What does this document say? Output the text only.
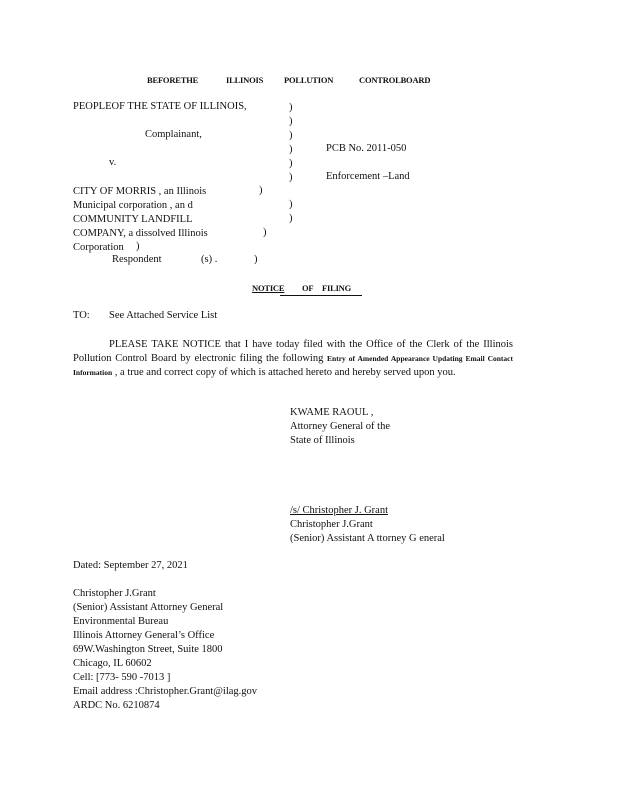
BEFORETHE	ILLINOIS POLLUTION	CONTROLBOARD
PEOPLEOF THE STATE OF ILLINOIS,
Complainant,
v.
CITY OF MORRIS , an Illinois
Municipal corporation , an d
COMMUNITY LANDFILL
COMPANY, a dissolved Illinois
Corporation
Respondent	(s) .
)
)
)
)
)
)
)
)
)
)
)
)
PCB No. 2011-050
Enforcement –Land
NOTICE OF FILING
TO: See Attached Service List
PLEASE TAKE NOTICE that I have today filed with the Office of the Clerk of the Illinois Pollution Control Board by electronic filing the following Entry of Amended Appearance Updating Email Contact Information , a true and correct copy of which is attached hereto and hereby served upon you.
KWAME RAOUL ,
Attorney General of the
State of Illinois
/s/ Christopher J. Grant
Christopher J.Grant
(Senior) Assistant A ttorney G eneral
Dated: September 27, 2021
Christopher J.Grant
(Senior) Assistant Attorney General
Environmental Bureau
Illinois Attorney General’s Office
69W.Washington Street, Suite 1800
Chicago, IL 60602
Cell: [773- 590 -7013 ]
Email address :Christopher.Grant@ilag.gov
ARDC No. 6210874
